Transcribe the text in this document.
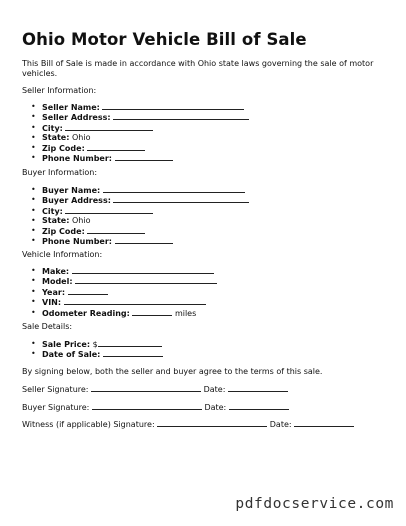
Ohio Motor Vehicle Bill of Sale
This Bill of Sale is made in accordance with Ohio state laws governing the sale of motor vehicles.
Seller Information:
• Seller Name:
• Seller Address:
• City:
• State: Ohio
• Zip Code:
• Phone Number:
Buyer Information:
• Buyer Name:
• Buyer Address:
• City:
• State: Ohio
• Zip Code:
• Phone Number:
Vehicle Information:
• Make:
• Model:
• Year:
• VIN:
• Odometer Reading:	miles
Sale Details:
• Sale Price: $
• Date of Sale:
By signing below, both the seller and buyer agree to the terms of this sale.
Seller Signature:	Date:
Buyer Signature:	Date:
Witness (if applicable) Signature:	Date:
pdfdocservice.com
